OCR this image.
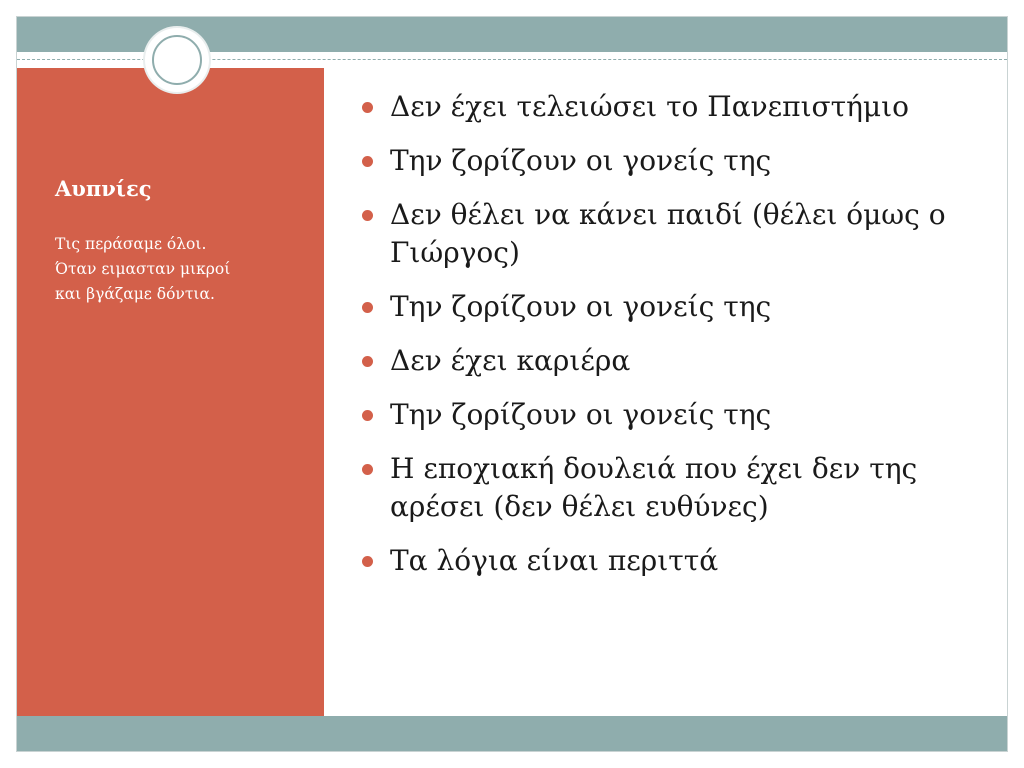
Αυπνίες

Τις περάσαμε όλοι.
Όταν ειμασταν μικροί
και βγάζαμε δόντια.

Δεν έχει τελειώσει το Πανεπιστήμιο
Την ζορίζουν οι γονείς της
Δεν θέλει να κάνει παιδί (θέλει όμως ο Γιώργος)
Την ζορίζουν οι γονείς της
Δεν έχει καριέρα
Την ζορίζουν οι γονείς της
Η εποχιακή δουλειά που έχει δεν της αρέσει (δεν θέλει ευθύνες)
Τα λόγια είναι περιττά
